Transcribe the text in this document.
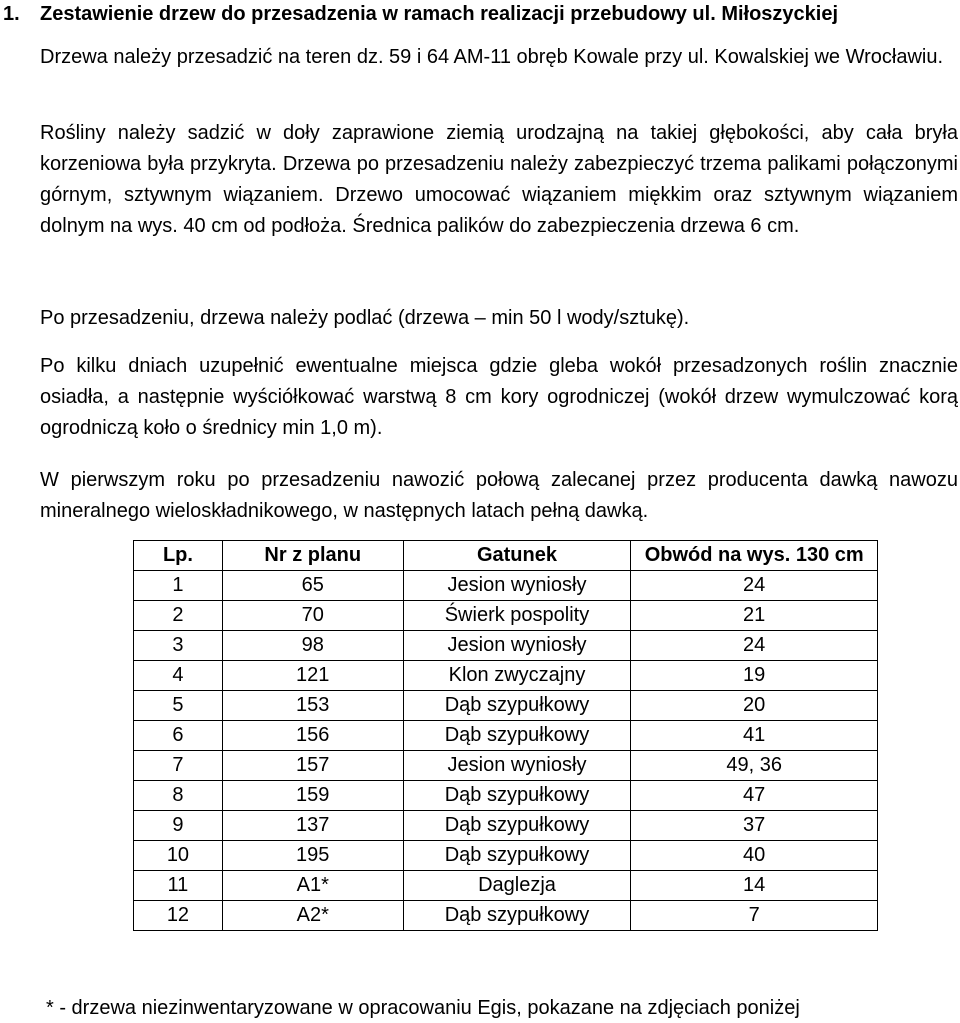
1. Zestawienie drzew do przesadzenia w ramach realizacji przebudowy ul. Miłoszyckiej

Drzewa należy przesadzić na teren dz. 59 i 64 AM-11 obręb Kowale przy ul. Kowalskiej we Wrocławiu.

Rośliny należy sadzić w doły zaprawione ziemią urodzajną na takiej głębokości, aby cała bryła korzeniowa była przykryta. Drzewa po przesadzeniu należy zabezpieczyć trzema palikami połączonymi górnym, sztywnym wiązaniem. Drzewo umocować wiązaniem miękkim oraz sztywnym wiązaniem dolnym na wys. 40 cm od podłoża. Średnica palików do zabezpieczenia drzewa 6 cm.

Po przesadzeniu, drzewa należy podlać (drzewa – min 50 l wody/sztukę).

Po kilku dniach uzupełnić ewentualne miejsca gdzie gleba wokół przesadzonych roślin znacznie osiadła, a następnie wyściółkować warstwą 8 cm kory ogrodniczej (wokół drzew wymulczować korą ogrodniczą koło o średnicy min 1,0 m).

W pierwszym roku po przesadzeniu nawozić połową zalecanej przez producenta dawką nawozu mineralnego wieloskładnikowego, w następnych latach pełną dawką.

Lp.	Nr z planu	Gatunek	Obwód na wys. 130 cm
1	65	Jesion wyniosły	24
2	70	Świerk pospolity	21
3	98	Jesion wyniosły	24
4	121	Klon zwyczajny	19
5	153	Dąb szypułkowy	20
6	156	Dąb szypułkowy	41
7	157	Jesion wyniosły	49, 36
8	159	Dąb szypułkowy	47
9	137	Dąb szypułkowy	37
10	195	Dąb szypułkowy	40
11	A1*	Daglezja	14
12	A2*	Dąb szypułkowy	7
* - drzewa niezinwentaryzowane w opracowaniu Egis, pokazane na zdjęciach poniżej
